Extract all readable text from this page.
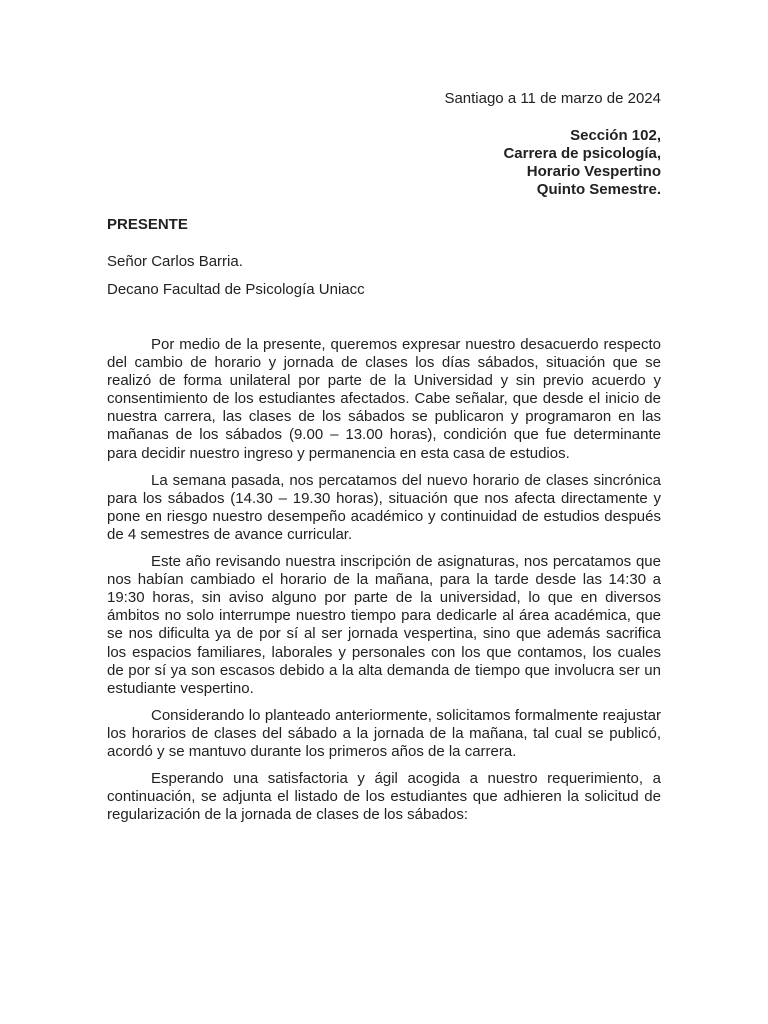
Santiago a 11 de marzo de 2024
Sección 102,
Carrera de psicología,
Horario Vespertino
Quinto Semestre.
PRESENTE
Señor Carlos Barria.
Decano Facultad de Psicología Uniacc

Por medio de la presente, queremos expresar nuestro desacuerdo respecto del cambio de horario y jornada de clases los días sábados, situación que se realizó de forma unilateral por parte de la Universidad y sin previo acuerdo y consentimiento de los estudiantes afectados. Cabe señalar, que desde el inicio de nuestra carrera, las clases de los sábados se publicaron y programaron en las mañanas de los sábados (9.00 – 13.00 horas), condición que fue determinante para decidir nuestro ingreso y permanencia en esta casa de estudios.

La semana pasada, nos percatamos del nuevo horario de clases sincrónica para los sábados (14.30 – 19.30 horas), situación que nos afecta directamente y pone en riesgo nuestro desempeño académico y continuidad de estudios después de 4 semestres de avance curricular.

Este año revisando nuestra inscripción de asignaturas, nos percatamos que nos habían cambiado el horario de la mañana, para la tarde desde las 14:30 a 19:30 horas, sin aviso alguno por parte de la universidad, lo que en diversos ámbitos no solo interrumpe nuestro tiempo para dedicarle al área académica, que se nos dificulta ya de por sí al ser jornada vespertina, sino que además sacrifica los espacios familiares, laborales y personales con los que contamos, los cuales de por sí ya son escasos debido a la alta demanda de tiempo que involucra ser un estudiante vespertino.

Considerando lo planteado anteriormente, solicitamos formalmente reajustar los horarios de clases del sábado a la jornada de la mañana, tal cual se publicó, acordó y se mantuvo durante los primeros años de la carrera.

Esperando una satisfactoria y ágil acogida a nuestro requerimiento, a continuación, se adjunta el listado de los estudiantes que adhieren la solicitud de regularización de la jornada de clases de los sábados:
